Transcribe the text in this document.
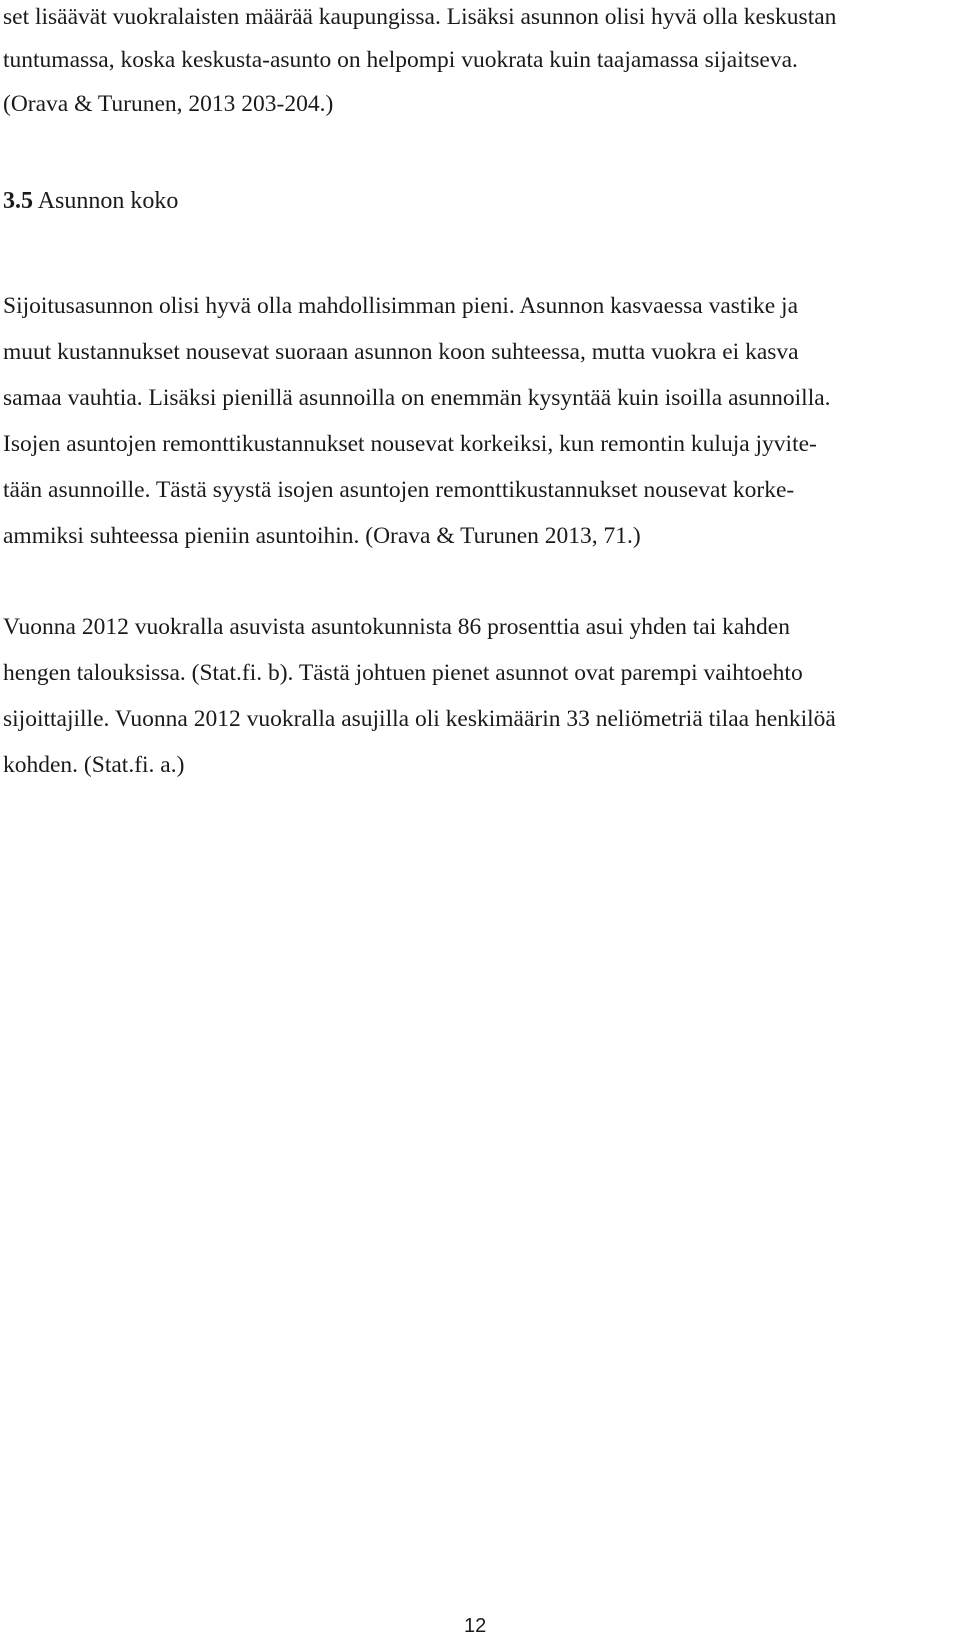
set lisäävät vuokralaisten määrää kaupungissa. Lisäksi asunnon olisi hyvä olla keskustan
tuntumassa, koska keskusta-asunto on helpompi vuokrata kuin taajamassa sijaitseva.
(Orava & Turunen, 2013 203-204.)
3.5 Asunnon koko
Sijoitusasunnon olisi hyvä olla mahdollisimman pieni. Asunnon kasvaessa vastike ja
muut kustannukset nousevat suoraan asunnon koon suhteessa, mutta vuokra ei kasva
samaa vauhtia. Lisäksi pienillä asunnoilla on enemmän kysyntää kuin isoilla asunnoilla.
Isojen asuntojen remonttikustannukset nousevat korkeiksi, kun remontin kuluja jyvite-
tään asunnoille. Tästä syystä isojen asuntojen remonttikustannukset nousevat korke-
ammiksi suhteessa pieniin asuntoihin. (Orava & Turunen 2013, 71.)
Vuonna 2012 vuokralla asuvista asuntokunnista 86 prosenttia asui yhden tai kahden
hengen talouksissa. (Stat.fi. b). Tästä johtuen pienet asunnot ovat parempi vaihtoehto
sijoittajille. Vuonna 2012 vuokralla asujilla oli keskimäärin 33 neliömetriä tilaa henkilöä
kohden. (Stat.fi. a.)
12
